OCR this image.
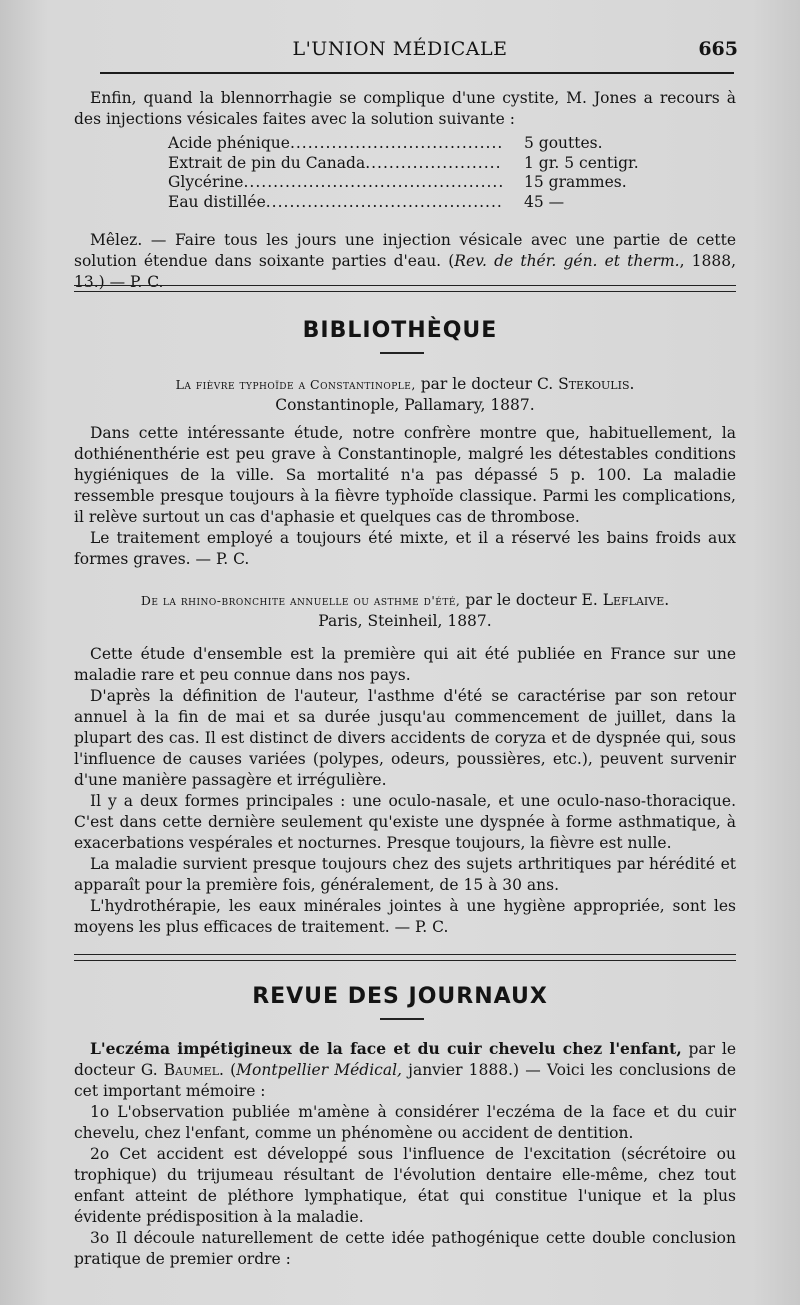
L'UNION MÉDICALE	665

Enfin, quand la blennorrhagie se complique d'une cystite, M. Jones a recours à des injections vésicales faites avec la solution suivante :

Acide phénique .....	5 gouttes.
Extrait de pin du Canada .....	1 gr. 5 centigr.
Glycérine .....	15 grammes.
Eau distillée .....	45 —

Mêlez. — Faire tous les jours une injection vésicale avec une partie de cette solution étendue dans soixante parties d'eau. (Rev. de thér. gén. et therm., 1888, 13.) — P. C.

BIBLIOTHÈQUE
La fièvre typhoïde a Constantinople, par le docteur C. Stekoulis.
Constantinople, Pallamary, 1887.

Dans cette intéressante étude, notre confrère montre que, habituellement, la dothiénenthérie est peu grave à Constantinople, malgré les détestables conditions hygiéniques de la ville. Sa mortalité n'a pas dépassé 5 p. 100. La maladie ressemble presque toujours à la fièvre typhoïde classique. Parmi les complications, il relève surtout un cas d'aphasie et quelques cas de thrombose.

Le traitement employé a toujours été mixte, et il a réservé les bains froids aux formes graves. — P. C.

De la rhino-bronchite annuelle ou asthme d'été, par le docteur E. Leflaive.
Paris, Steinheil, 1887.

Cette étude d'ensemble est la première qui ait été publiée en France sur une maladie rare et peu connue dans nos pays.

D'après la définition de l'auteur, l'asthme d'été se caractérise par son retour annuel à la fin de mai et sa durée jusqu'au commencement de juillet, dans la plupart des cas. Il est distinct de divers accidents de coryza et de dyspnée qui, sous l'influence de causes variées (polypes, odeurs, poussières, etc.), peuvent survenir d'une manière passagère et irrégulière.

Il y a deux formes principales : une oculo-nasale, et une oculo-naso-thoracique. C'est dans cette dernière seulement qu'existe une dyspnée à forme asthmatique, à exacerbations vespérales et nocturnes. Presque toujours, la fièvre est nulle.

La maladie survient presque toujours chez des sujets arthritiques par hérédité et apparaît pour la première fois, généralement, de 15 à 30 ans.

L'hydrothérapie, les eaux minérales jointes à une hygiène appropriée, sont les moyens les plus efficaces de traitement. — P. C.

REVUE DES JOURNAUX

L'eczéma impétigineux de la face et du cuir chevelu chez l'enfant, par le docteur G. Baumel. (Montpellier Médical, janvier 1888.) — Voici les conclusions de cet important mémoire :

1o L'observation publiée m'amène à considérer l'eczéma de la face et du cuir chevelu, chez l'enfant, comme un phénomène ou accident de dentition.

2o Cet accident est développé sous l'influence de l'excitation (sécrétoire ou trophique) du trijumeau résultant de l'évolution dentaire elle-même, chez tout enfant atteint de pléthore lymphatique, état qui constitue l'unique et la plus évidente prédisposition à la maladie.

3o Il découle naturellement de cette idée pathogénique cette double conclusion pratique de premier ordre :
